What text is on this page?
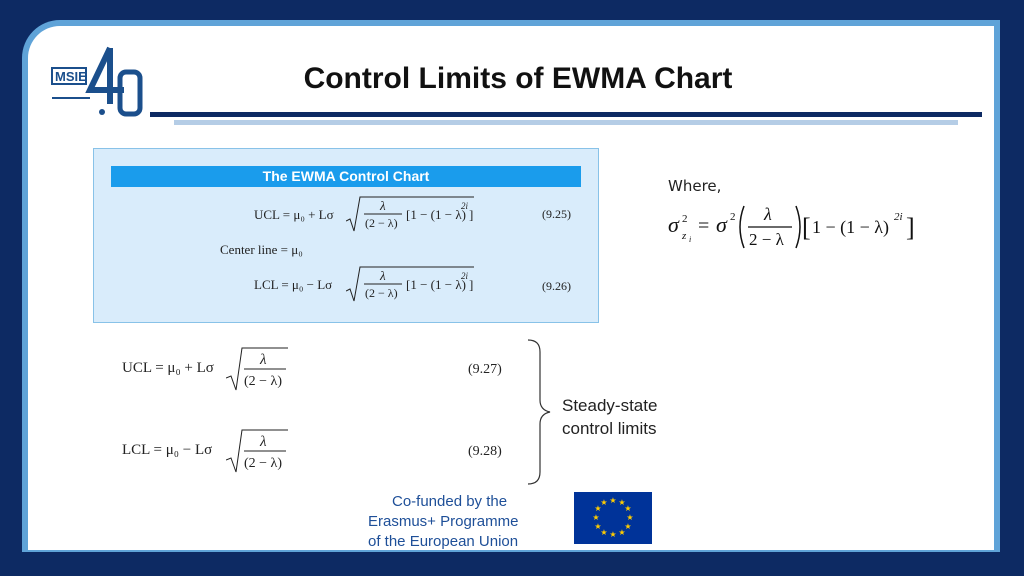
MSIE	Control Limits of EWMA Chart
The EWMA Control Chart
UCL = μ₀ + Lσ
λ
(2 − λ)
[1 − (1 − λ)
2i
]	(9.25)
Center line = μ₀
LCL = μ₀ − Lσ
λ
(2 − λ)
[1 − (1 − λ)
2i
]	(9.26)
Where,
σ 2
z i
= σ 2 λ
2 − λ [ 1 − (1 − λ) 2i ]
UCL = μ₀ + Lσ	λ
(2 − λ)
(9.27)
LCL = μ₀ − Lσ	λ
(2 − λ)
(9.28)
Steady-state
control limits
Co-funded by the
Erasmus+ Programme
of the European Union
★ ★
★
★
★
★
★
★
★
★
★
★
